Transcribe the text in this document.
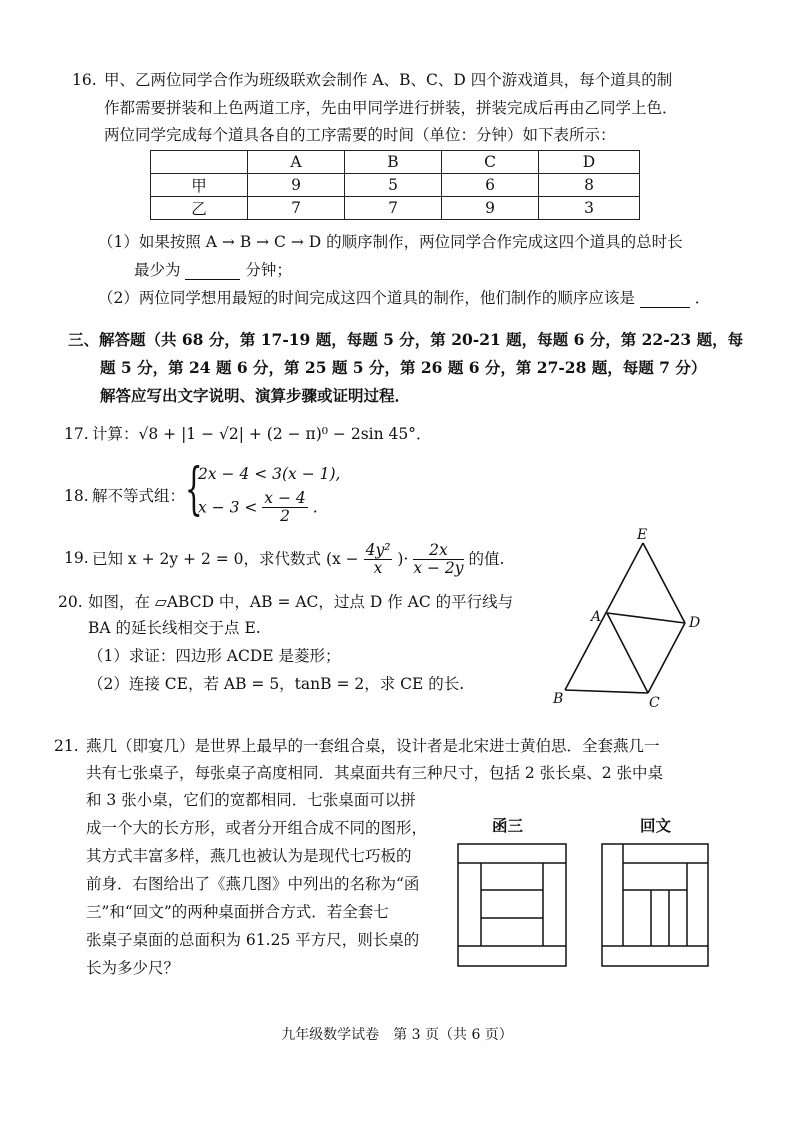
16. 甲、乙两位同学合作为班级联欢会制作 A、B、C、D 四个游戏道具，每个道具的制
作都需要拼装和上色两道工序，先由甲同学进行拼装，拼装完成后再由乙同学上色．
两位同学完成每个道具各自的工序需要的时间（单位：分钟）如下表所示：
	A	B	C	D
甲	9	5	6	8
乙	7	7	9	3
（1）如果按照 A → B → C → D 的顺序制作，两位同学合作完成这四个道具的总时长
最少为	分钟；
（2）两位同学想用最短的时间完成这四个道具的制作，他们制作的顺序应该是	．
三、解答题（共 68 分，第 17-19 题，每题 5 分，第 20-21 题，每题 6 分，第 22-23 题，每
题 5 分，第 24 题 6 分，第 25 题 5 分，第 26 题 6 分，第 27-28 题，每题 7 分）
解答应写出文字说明、演算步骤或证明过程．
17. 计算：√8 + |1 − √2| + (2 − π)⁰ − 2sin 45°．
18. 解不等式组： {
2x − 4 < 3(x − 1),
$x - 3 < \frac{x - 4}{2}$ .
19. 已知 x + 2y + 2 = 0，求代数式 ($x - \frac{\text{4y²}}{x}$ )· $\frac{2x}{x - 2y}$ 的值.
20. 如图，在 ▱ABCD 中，AB = AC，过点 D 作 AC 的平行线与
BA 的延长线相交于点 E.
（1）求证：四边形 ACDE 是菱形；
（2）连接 CE，若 AB = 5，tanB = 2，求 CE 的长.
E
A	D
B	C
21. 燕几（即宴几）是世界上最早的一套组合桌，设计者是北宋进士黄伯思．全套燕几一
共有七张桌子，每张桌子高度相同．其桌面共有三种尺寸，包括 2 张长桌、2 张中桌
和 3 张小桌，它们的宽都相同．七张桌面可以拼
成一个大的长方形，或者分开组合成不同的图形，
其方式丰富多样，燕几也被认为是现代七巧板的
前身．右图给出了《燕几图》中列出的名称为“函
三”和“回文”的两种桌面拼合方式．若全套七
张桌子桌面的总面积为 61.25 平方尺，则长桌的
长为多少尺？
函三	回文
九年级数学试卷　第 3 页（共 6 页）
